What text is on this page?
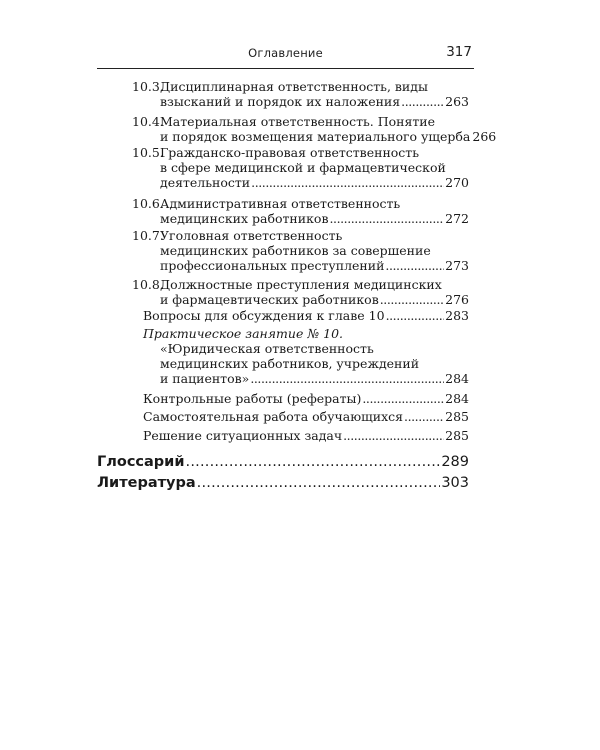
Оглавление	317
10.3.
Дисциплинарная ответственность, виды
взысканий и порядок их наложения . . .	263
10.4.
Материальная ответственность. Понятие
и порядок возмещения материального ущерба 266
10.5.
Гражданско-правовая ответственность
в сфере медицинской и фармацевтической
деятельности . . .	270
10.6.
Административная ответственность
медицинских работников . . .	272
10.7.
Уголовная ответственность
медицинских работников за совершение
профессиональных преступлений . . .	273
10.8.
Должностные преступления медицинских
и фармацевтических работников . . .	276
Вопросы для обсуждения к главе 10 . . .	283
Практическое занятие № 10.
«Юридическая ответственность
медицинских работников, учреждений
и пациентов» . . .	284
Контрольные работы (рефераты) . . .	284
Самостоятельная работа обучающихся . . .	285
Решение ситуационных задач . . .	285
Глоссарий . . .	289
Литература . . .	303
